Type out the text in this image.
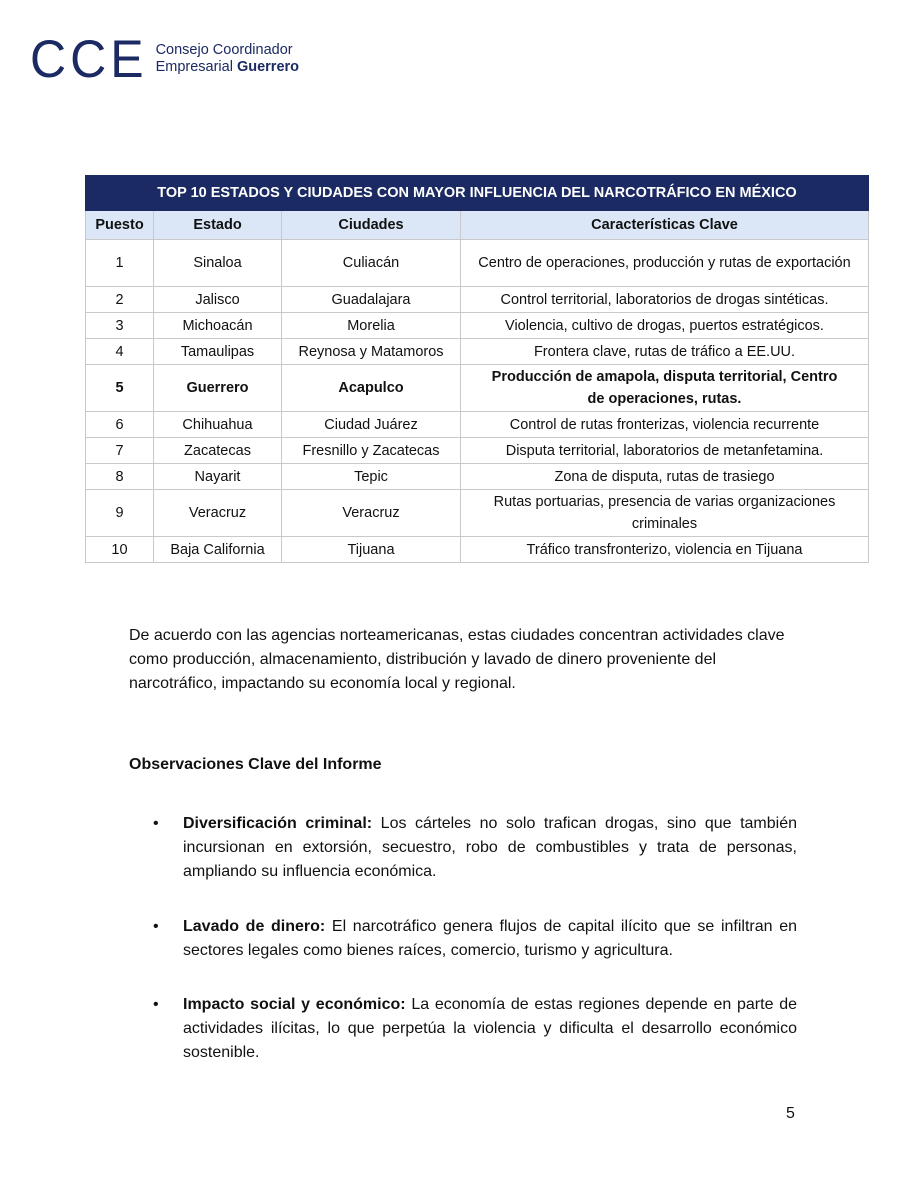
CCE Consejo Coordinador
Empresarial Guerrero
TOP 10 ESTADOS Y CIUDADES CON MAYOR INFLUENCIA DEL NARCOTRÁFICO EN MÉXICO			
Puesto	Estado	Ciudades	Características Clave
1	Sinaloa	Culiacán	Centro de operaciones, producción y rutas de exportación
2	Jalisco	Guadalajara	Control territorial, laboratorios de drogas sintéticas.
3	Michoacán	Morelia	Violencia, cultivo de drogas, puertos estratégicos.
4	Tamaulipas	Reynosa y Matamoros	Frontera clave, rutas de tráfico a EE.UU.
5	Guerrero	Acapulco	Producción de amapola, disputa territorial, Centro de operaciones, rutas.
6	Chihuahua	Ciudad Juárez	Control de rutas fronterizas, violencia recurrente
7	Zacatecas	Fresnillo y Zacatecas	Disputa territorial, laboratorios de metanfetamina.
8	Nayarit	Tepic	Zona de disputa, rutas de trasiego
9	Veracruz	Veracruz	Rutas portuarias, presencia de varias organizaciones criminales
10	Baja California	Tijuana	Tráfico transfronterizo, violencia en Tijuana
De acuerdo con las agencias norteamericanas, estas ciudades concentran actividades clave como producción, almacenamiento, distribución y lavado de dinero proveniente del narcotráfico, impactando su economía local y regional.
Observaciones Clave del Informe
• Diversificación criminal: Los cárteles no solo trafican drogas, sino que también incursionan en extorsión, secuestro, robo de combustibles y trata de personas, ampliando su influencia económica.
• Lavado de dinero: El narcotráfico genera flujos de capital ilícito que se infiltran en sectores legales como bienes raíces, comercio, turismo y agricultura.
• Impacto social y económico: La economía de estas regiones depende en parte de actividades ilícitas, lo que perpetúa la violencia y dificulta el desarrollo económico sostenible.
5
